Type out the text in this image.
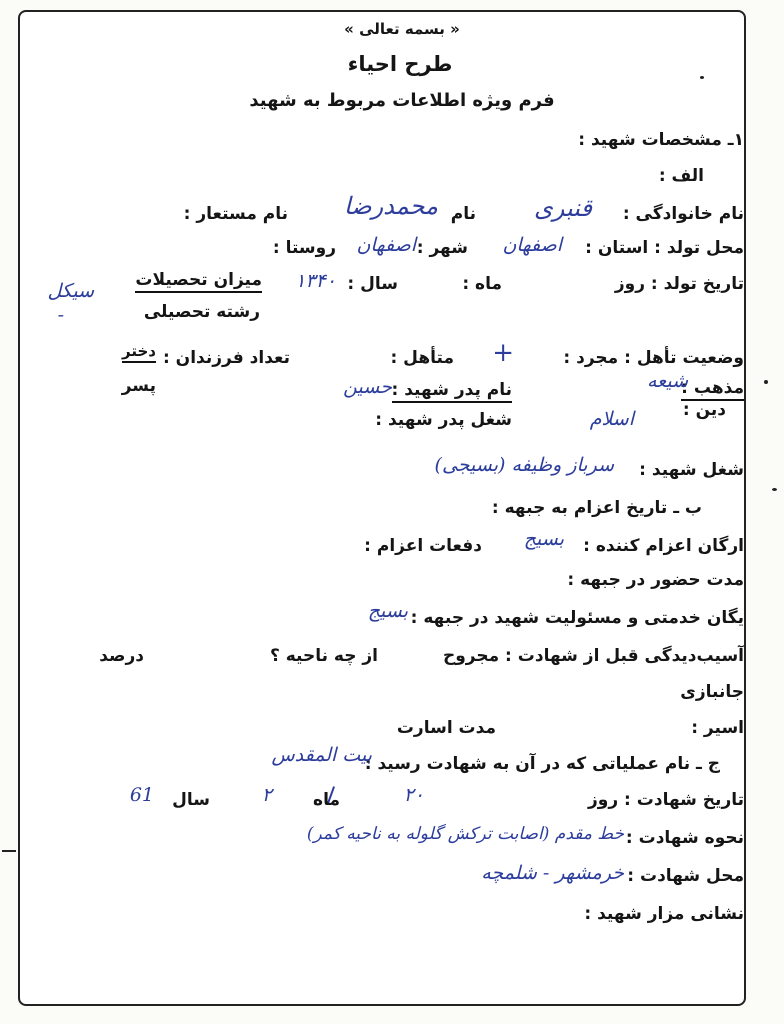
« بسمه تعالی »
طرح احیاء
فرم ویژه اطلاعات مربوط به شهید
۱ـ مشخصات شهید :
الف :
نام خانوادگی :
قنبری
نام
محمدرضا
نام مستعار :
محل تولد : استان :
اصفهان
شهر :
اصفهان
روستا :
تاریخ تولد : روز
ماه :
سال :
۱۳۴۰
میزان تحصیلات
رشته تحصیلی
سیکل
-
وضعیت تأهل : مجرد :
+
متأهل :
تعداد فرزندان :
دختر
پسر	مذهب :
شیعه
دین :
اسلام
نام پدر شهید :
حسین
شغل پدر شهید :
شغل شهید :
سرباز وظیفه (بسیجی)
ب ـ تاریخ اعزام به جبهه :
ارگان اعزام کننده :
بسیج
دفعات اعزام :
مدت حضور در جبهه :
یگان خدمتی و مسئولیت شهید در جبهه :
بسیج
آسیب‌دیدگی قبل از شهادت : مجروح
از چه ناحیه ؟
درصد
جانبازی
اسیر :
مدت اسارت
ج ـ نام عملیاتی که در آن به شهادت رسید :
بیت المقدس
تاریخ شهادت : روز
۲۰
ماه
۲
سال
61
نحوه شهادت :
خط مقدم (اصابت ترکش گلوله به ناحیه کمر)
محل شهادت :
خرمشهر - شلمچه
نشانی مزار شهید :
